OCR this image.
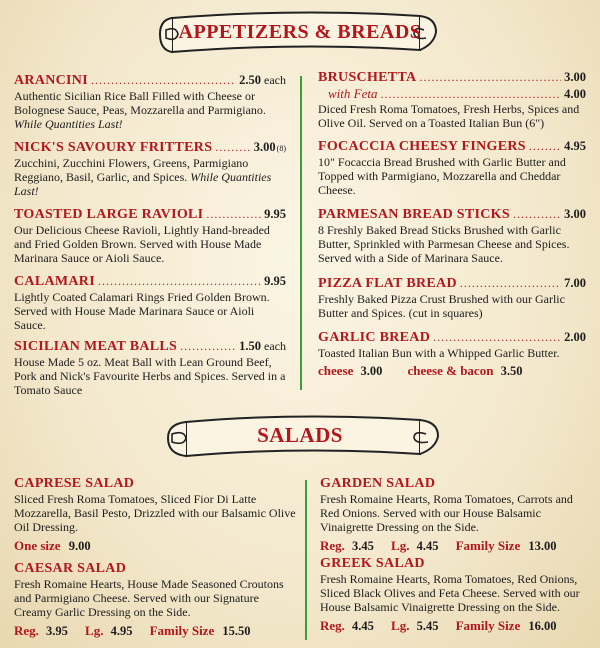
APPETIZERS & BREADS
ARANCINI .....	2.50 each
Authentic Sicilian Rice Ball Filled with Cheese or Bolognese Sauce, Peas, Mozzarella and Parmigiano. While Quantities Last!
NICK'S SAVOURY FRITTERS .....	3.00 (8)
Zucchini, Zucchini Flowers, Greens, Parmigiano Reggiano, Basil, Garlic, and Spices. While Quantities Last!
TOASTED LARGE RAVIOLI .....	9.95
Our Delicious Cheese Ravioli, Lightly Hand-breaded and Fried Golden Brown. Served with House Made Marinara Sauce or Aioli Sauce.
CALAMARI .....	9.95
Lightly Coated Calamari Rings Fried Golden Brown. Served with House Made Marinara Sauce or Aioli Sauce.
SICILIAN MEAT BALLS .....	1.50 each
House Made 5 oz. Meat Ball with Lean Ground Beef, Pork and Nick's Favourite Herbs and Spices. Served in a Tomato Sauce
BRUSCHETTA .....	3.00
with Feta .....	4.00
Diced Fresh Roma Tomatoes, Fresh Herbs, Spices and Olive Oil. Served on a Toasted Italian Bun (6")
FOCACCIA CHEESY FINGERS .....	4.95
10" Focaccia Bread Brushed with Garlic Butter and Topped with Parmigiano, Mozzarella and Cheddar Cheese.
PARMESAN BREAD STICKS .....	3.00
8 Freshly Baked Bread Sticks Brushed with Garlic Butter, Sprinkled with Parmesan Cheese and Spices. Served with a Side of Marinara Sauce.
PIZZA FLAT BREAD .....	7.00
Freshly Baked Pizza Crust Brushed with our Garlic Butter and Spices. (cut in squares)
GARLIC BREAD .....	2.00
Toasted Italian Bun with a Whipped Garlic Butter.
cheese 3.00 cheese & bacon 3.50
SALADS
CAPRESE SALAD
Sliced Fresh Roma Tomatoes, Sliced Fior Di Latte Mozzarella, Basil Pesto, Drizzled with our Balsamic Olive Oil Dressing.
One size 9.00
CAESAR SALAD
Fresh Romaine Hearts, House Made Seasoned Croutons and Parmigiano Cheese. Served with our Signature Creamy Garlic Dressing on the Side.
Reg. 3.95 Lg. 4.95 Family Size 15.50
GARDEN SALAD
Fresh Romaine Hearts, Roma Tomatoes, Carrots and Red Onions. Served with our House Balsamic Vinaigrette Dressing on the Side.
Reg. 3.45 Lg. 4.45 Family Size 13.00
GREEK SALAD
Fresh Romaine Hearts, Roma Tomatoes, Red Onions, Sliced Black Olives and Feta Cheese. Served with our House Balsamic Vinaigrette Dressing on the Side.
Reg. 4.45 Lg. 5.45 Family Size 16.00
